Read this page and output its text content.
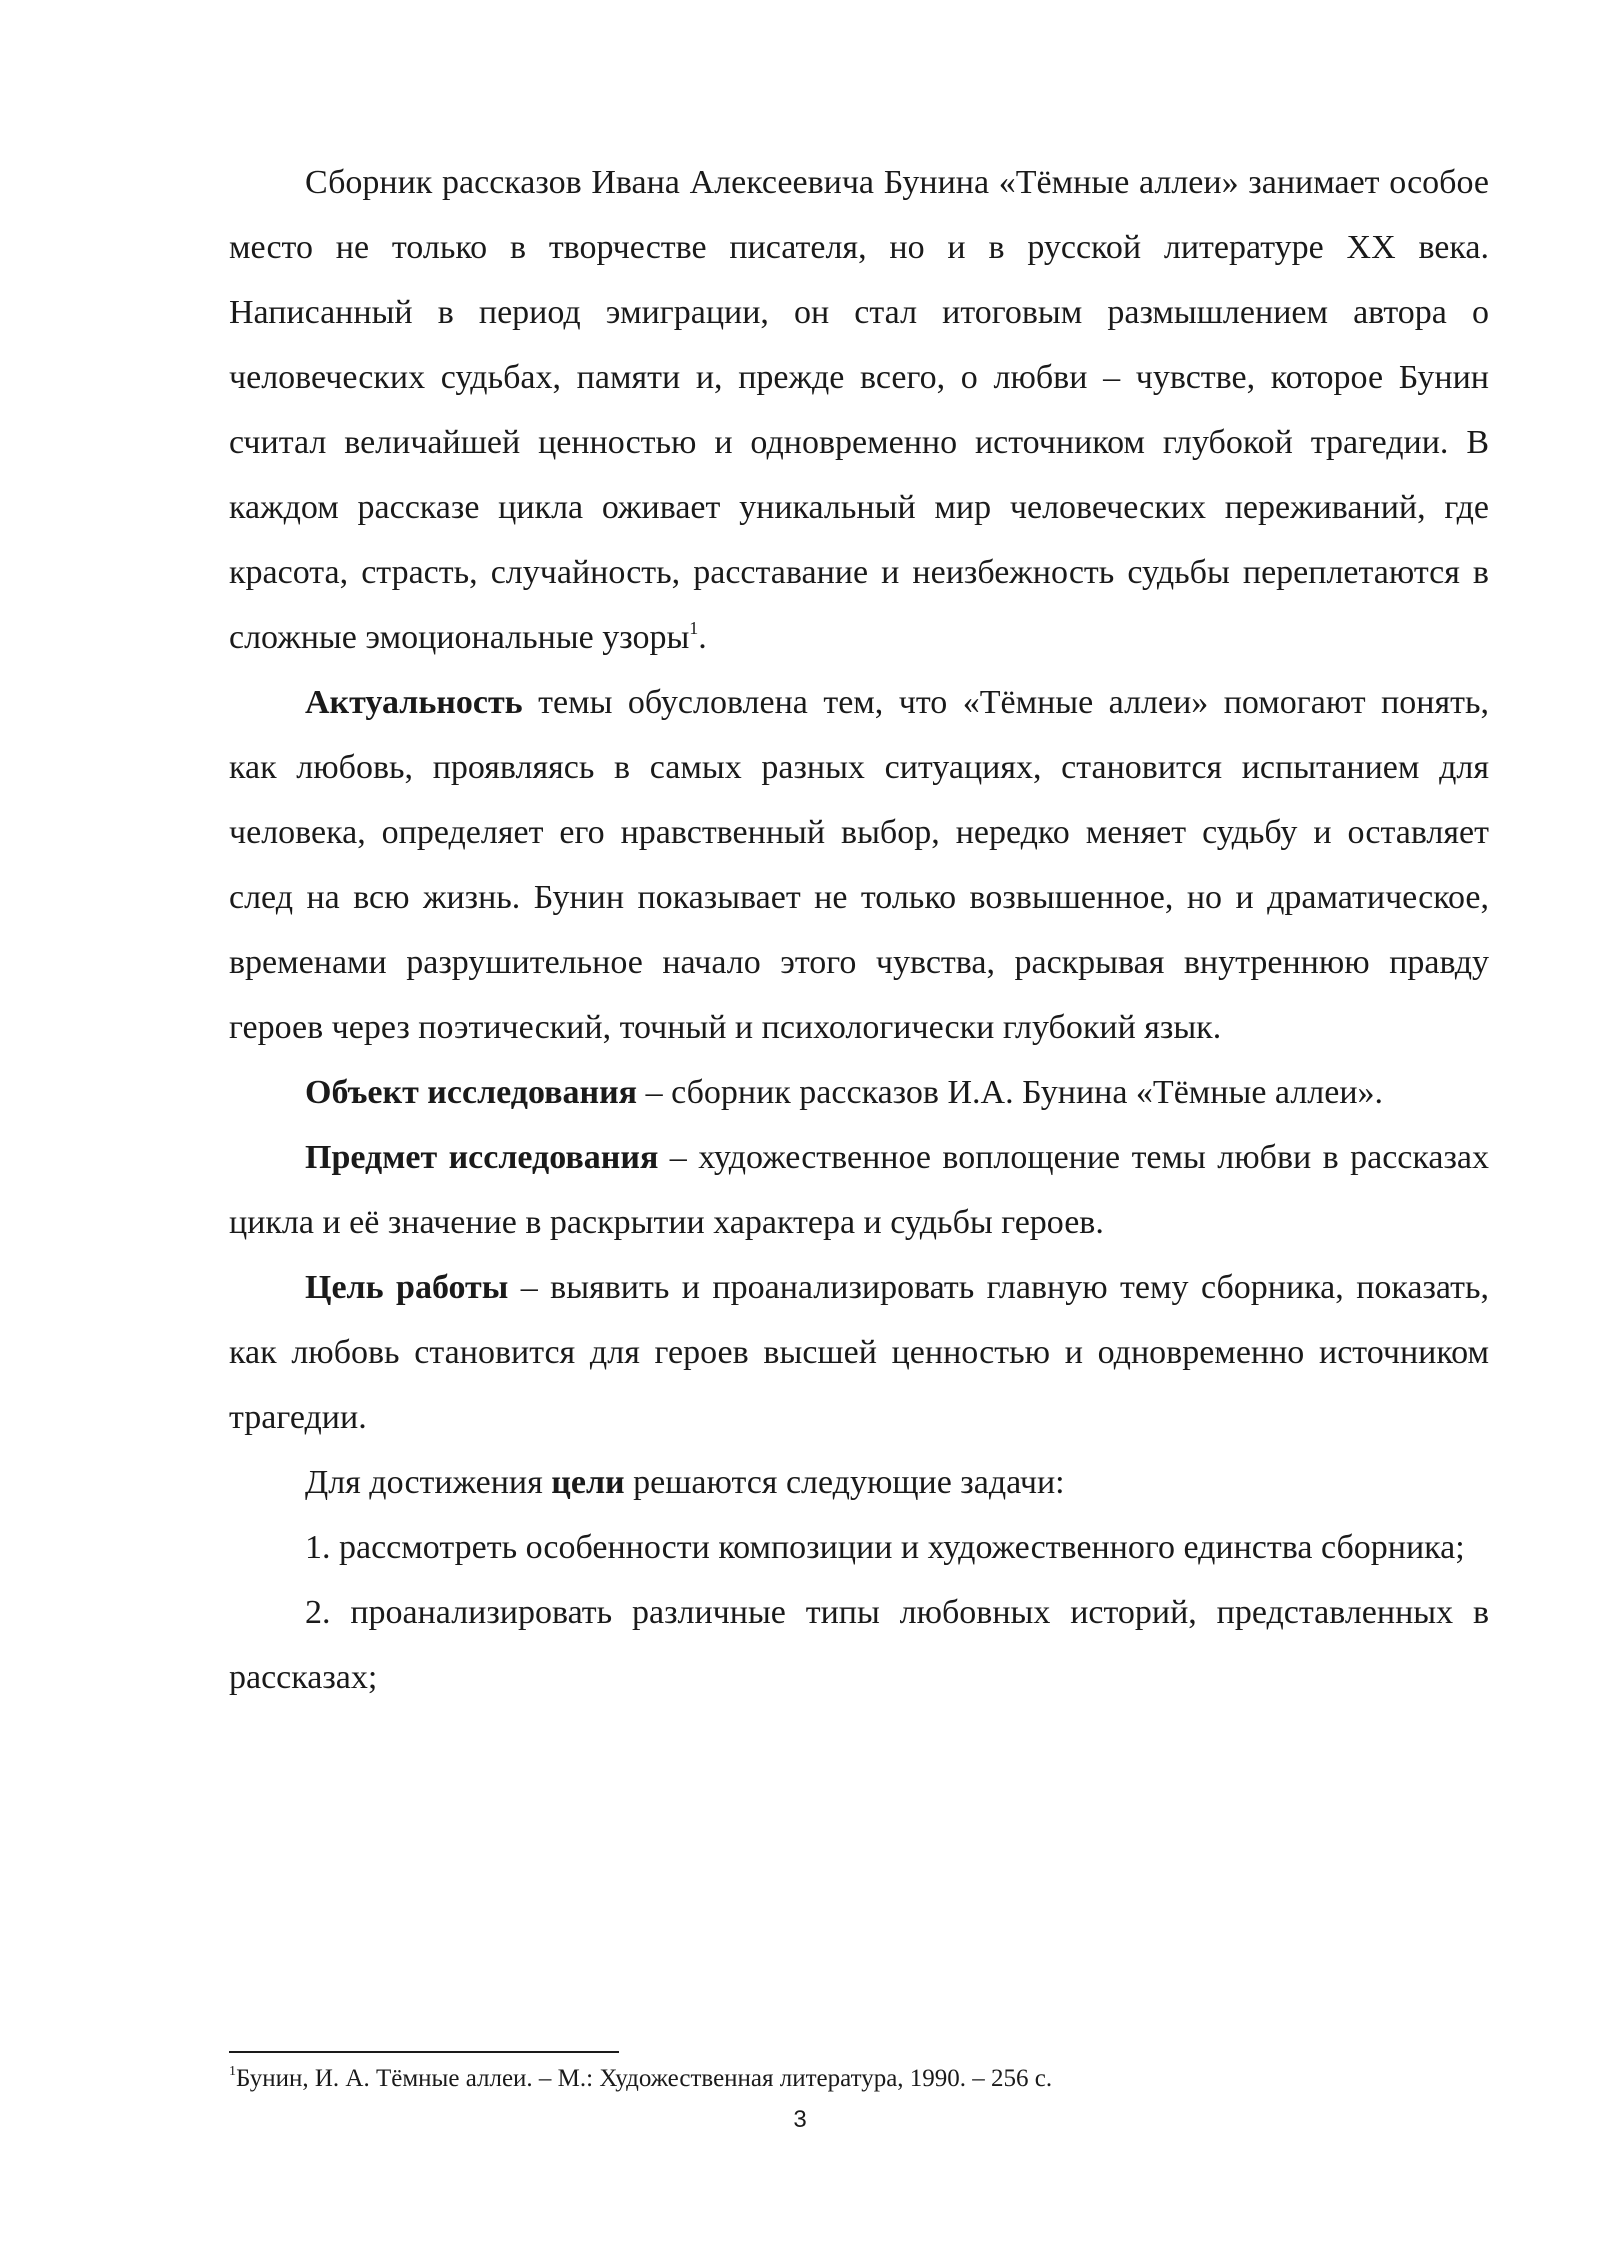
Сборник рассказов Ивана Алексеевича Бунина «Тёмные аллеи» занимает особое место не только в творчестве писателя, но и в русской литературе XX века. Написанный в период эмиграции, он стал итоговым размышлением автора о человеческих судьбах, памяти и, прежде всего, о любви – чувстве, которое Бунин считал величайшей ценностью и одновременно источником глубокой трагедии. В каждом рассказе цикла оживает уникальный мир человеческих переживаний, где красота, страсть, случайность, расставание и неизбежность судьбы переплетаются в сложные эмоциональные узоры$^1$.

Актуальность темы обусловлена тем, что «Тёмные аллеи» помогают понять, как любовь, проявляясь в самых разных ситуациях, становится испытанием для человека, определяет его нравственный выбор, нередко меняет судьбу и оставляет след на всю жизнь. Бунин показывает не только возвышенное, но и драматическое, временами разрушительное начало этого чувства, раскрывая внутреннюю правду героев через поэтический, точный и психологически глубокий язык.

Объект исследования – сборник рассказов И.А. Бунина «Тёмные аллеи».

Предмет исследования – художественное воплощение темы любви в рассказах цикла и её значение в раскрытии характера и судьбы героев.

Цель работы – выявить и проанализировать главную тему сборника, показать, как любовь становится для героев высшей ценностью и одновременно источником трагедии.

Для достижения цели решаются следующие задачи:

1. рассмотреть особенности композиции и художественного единства сборника;

2. проанализировать различные типы любовных историй, представленных в рассказах;

$^1$Бунин, И. А. Тёмные аллеи. – М.: Художественная литература, 1990. – 256 с.

3
